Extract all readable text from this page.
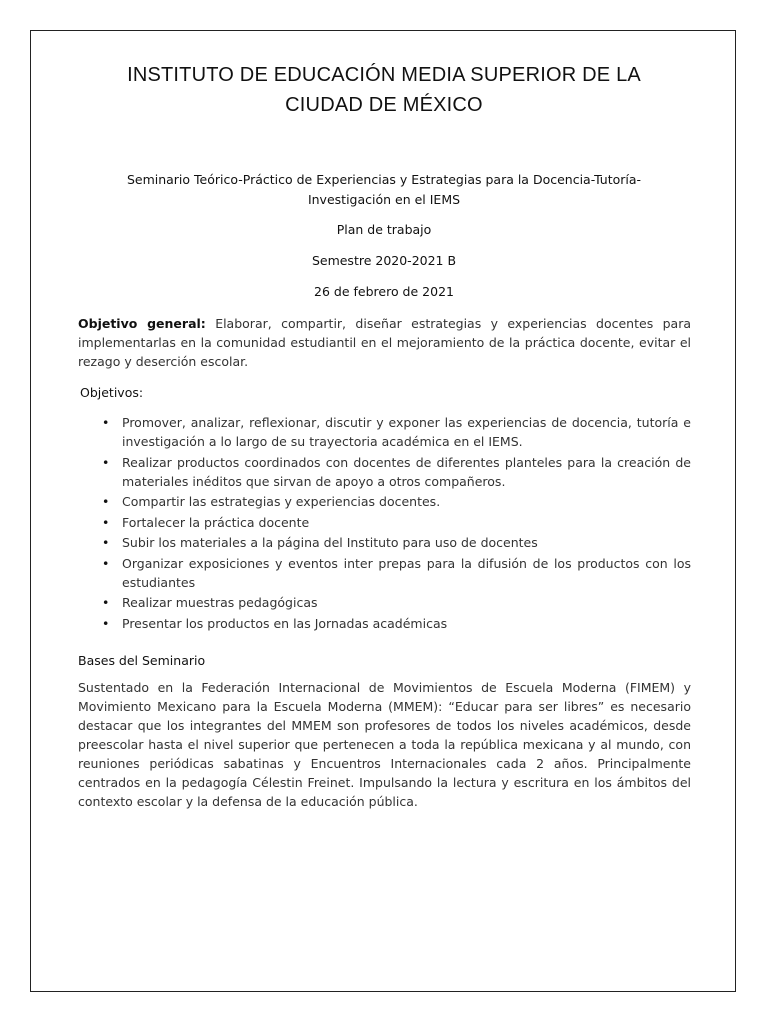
INSTITUTO DE EDUCACIÓN MEDIA SUPERIOR DE LA
CIUDAD DE MÉXICO
Seminario Teórico-Práctico de Experiencias y Estrategias para la Docencia-Tutoría-
Investigación en el IEMS
Plan de trabajo
Semestre 2020-2021 B
26 de febrero de 2021
Objetivo general: Elaborar, compartir, diseñar estrategias y experiencias docentes para implementarlas en la comunidad estudiantil en el mejoramiento de la práctica docente, evitar el rezago y deserción escolar.
Objetivos:
• Promover, analizar, reflexionar, discutir y exponer las experiencias de docencia, tutoría e investigación a lo largo de su trayectoria académica en el IEMS.
• Realizar productos coordinados con docentes de diferentes planteles para la creación de materiales inéditos que sirvan de apoyo a otros compañeros.
• Compartir las estrategias y experiencias docentes.
• Fortalecer la práctica docente
• Subir los materiales a la página del Instituto para uso de docentes
• Organizar exposiciones y eventos inter prepas para la difusión de los productos con los estudiantes
• Realizar muestras pedagógicas
• Presentar los productos en las Jornadas académicas
Bases del Seminario
Sustentado en la Federación Internacional de Movimientos de Escuela Moderna (FIMEM) y Movimiento Mexicano para la Escuela Moderna (MMEM): “Educar para ser libres” es necesario destacar que los integrantes del MMEM son profesores de todos los niveles académicos, desde preescolar hasta el nivel superior que pertenecen a toda la república mexicana y al mundo, con reuniones periódicas sabatinas y Encuentros Internacionales cada 2 años. Principalmente centrados en la pedagogía Célestin Freinet. Impulsando la lectura y escritura en los ámbitos del contexto escolar y la defensa de la educación pública.
